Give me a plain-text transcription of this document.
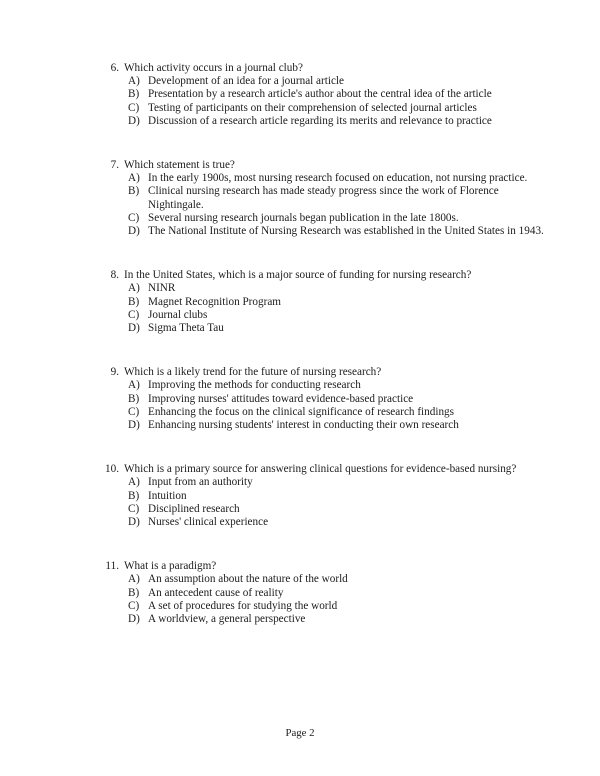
6. Which activity occurs in a journal club?
A) Development of an idea for a journal article
B) Presentation by a research article's author about the central idea of the article
C) Testing of participants on their comprehension of selected journal articles
D) Discussion of a research article regarding its merits and relevance to practice
7. Which statement is true?
A) In the early 1900s, most nursing research focused on education, not nursing practice.
B) Clinical nursing research has made steady progress since the work of Florence Nightingale.
C) Several nursing research journals began publication in the late 1800s.
D) The National Institute of Nursing Research was established in the United States in 1943.
8. In the United States, which is a major source of funding for nursing research?
A) NINR
B) Magnet Recognition Program
C) Journal clubs
D) Sigma Theta Tau
9. Which is a likely trend for the future of nursing research?
A) Improving the methods for conducting research
B) Improving nurses' attitudes toward evidence-based practice
C) Enhancing the focus on the clinical significance of research findings
D) Enhancing nursing students' interest in conducting their own research
10. Which is a primary source for answering clinical questions for evidence-based nursing?
A) Input from an authority
B) Intuition
C) Disciplined research
D) Nurses' clinical experience
11. What is a paradigm?
A) An assumption about the nature of the world
B) An antecedent cause of reality
C) A set of procedures for studying the world
D) A worldview, a general perspective
Page 2
